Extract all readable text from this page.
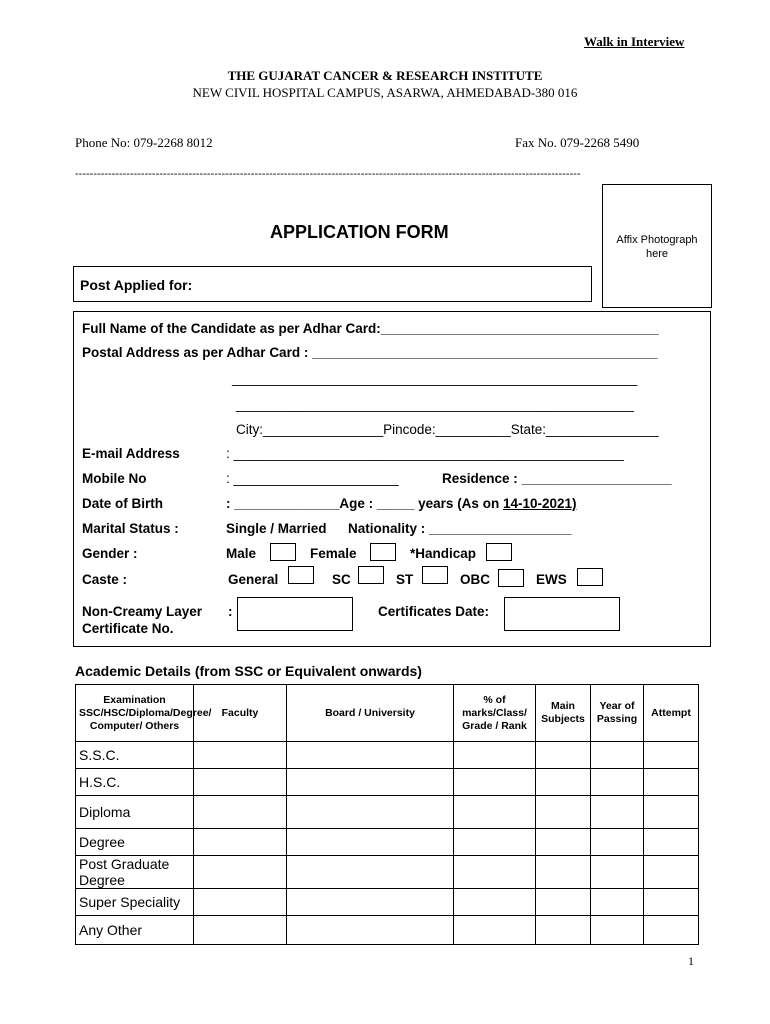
Walk in Interview
THE GUJARAT CANCER & RESEARCH INSTITUTE
NEW CIVIL HOSPITAL CAMPUS, ASARWA, AHMEDABAD-380 016
Phone No: 079-2268 8012	Fax No. 079-2268 5490
------------------------------------------------------------------------------------------------------------------------------------------
APPLICATION FORM	Affix Photograph here
Post Applied for:
Full Name of the Candidate as per Adhar Card:_____________________________________
Postal Address as per Adhar Card : ______________________________________________
______________________________________________________
_____________________________________________________
City:________________Pincode:__________State:_______________
E-mail Address	: ____________________________________________________
Mobile No	: ______________________	Residence : ____________________
Date of Birth	: ______________Age : _____ years (As on 14-10-2021)
Marital Status :	Single / Married Nationality : ___________________
Gender :	Male	Female	*Handicap
Caste :	General	SC	ST	OBC	EWS
Non-Creamy Layer
Certificate No.
:	Certificates Date:
Academic Details (from SSC or Equivalent onwards)
Examination SSC/HSC/Diploma/Degree/ Computer/ Others	Faculty	Board / University	% of marks/Class/ Grade / Rank	Main Subjects	Year of Passing	Attempt
S.S.C.						
H.S.C.						
Diploma						
Degree						
Post Graduate Degree						
Super Speciality						
Any Other						
1
